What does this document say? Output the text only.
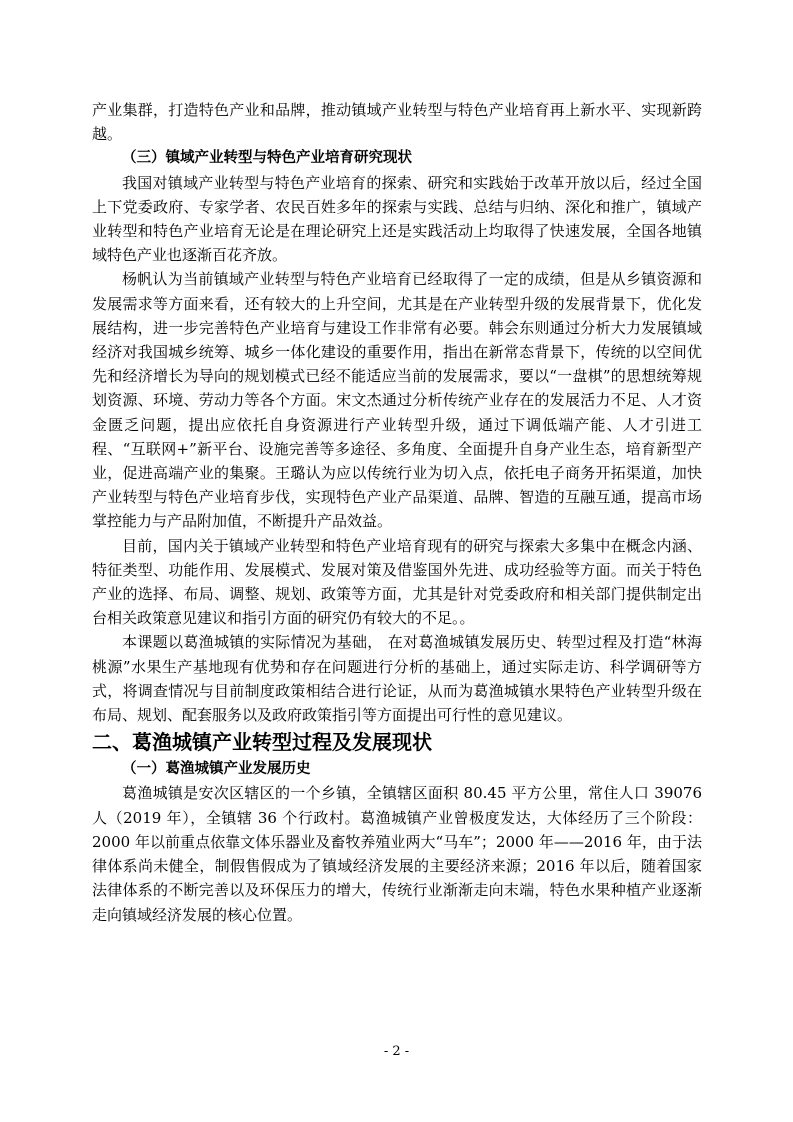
产业集群，打造特色产业和品牌，推动镇域产业转型与特色产业培育再上新水平、实现新跨越。

（三）镇域产业转型与特色产业培育研究现状

我国对镇域产业转型与特色产业培育的探索、研究和实践始于改革开放以后，经过全国上下党委政府、专家学者、农民百姓多年的探索与实践、总结与归纳、深化和推广，镇域产业转型和特色产业培育无论是在理论研究上还是实践活动上均取得了快速发展，全国各地镇域特色产业也逐渐百花齐放。

杨帆认为当前镇域产业转型与特色产业培育已经取得了一定的成绩，但是从乡镇资源和发展需求等方面来看，还有较大的上升空间，尤其是在产业转型升级的发展背景下，优化发展结构，进一步完善特色产业培育与建设工作非常有必要。韩会东则通过分析大力发展镇域经济对我国城乡统筹、城乡一体化建设的重要作用，指出在新常态背景下，传统的以空间优先和经济增长为导向的规划模式已经不能适应当前的发展需求，要以“一盘棋”的思想统筹规划资源、环境、劳动力等各个方面。宋文杰通过分析传统产业存在的发展活力不足、人才资金匮乏问题，提出应依托自身资源进行产业转型升级，通过下调低端产能、人才引进工程、“互联网+”新平台、设施完善等多途径、多角度、全面提升自身产业生态，培育新型产业，促进高端产业的集聚。王璐认为应以传统行业为切入点，依托电子商务开拓渠道，加快产业转型与特色产业培育步伐，实现特色产业产品渠道、品牌、智造的互融互通，提高市场掌控能力与产品附加值，不断提升产品效益。

目前，国内关于镇域产业转型和特色产业培育现有的研究与探索大多集中在概念内涵、特征类型、功能作用、发展模式、发展对策及借鉴国外先进、成功经验等方面。而关于特色产业的选择、布局、调整、规划、政策等方面，尤其是针对党委政府和相关部门提供制定出台相关政策意见建议和指引方面的研究仍有较大的不足。。

本课题以葛渔城镇的实际情况为基础， 在对葛渔城镇发展历史、转型过程及打造“林海桃源”水果生产基地现有优势和存在问题进行分析的基础上，通过实际走访、科学调研等方式，将调查情况与目前制度政策相结合进行论证，从而为葛渔城镇水果特色产业转型升级在布局、规划、配套服务以及政府政策指引等方面提出可行性的意见建议。

二、葛渔城镇产业转型过程及发展现状

（一）葛渔城镇产业发展历史

葛渔城镇是安次区辖区的一个乡镇，全镇辖区面积 80.45 平方公里，常住人口 39076 人（2019 年），全镇辖 36 个行政村。葛渔城镇产业曾极度发达，大体经历了三个阶段：2000 年以前重点依靠文体乐器业及畜牧养殖业两大“马车”；2000 年——2016 年，由于法律体系尚未健全，制假售假成为了镇域经济发展的主要经济来源；2016 年以后，随着国家法律体系的不断完善以及环保压力的增大，传统行业渐渐走向末端，特色水果种植产业逐渐走向镇域经济发展的核心位置。

- 2 -
